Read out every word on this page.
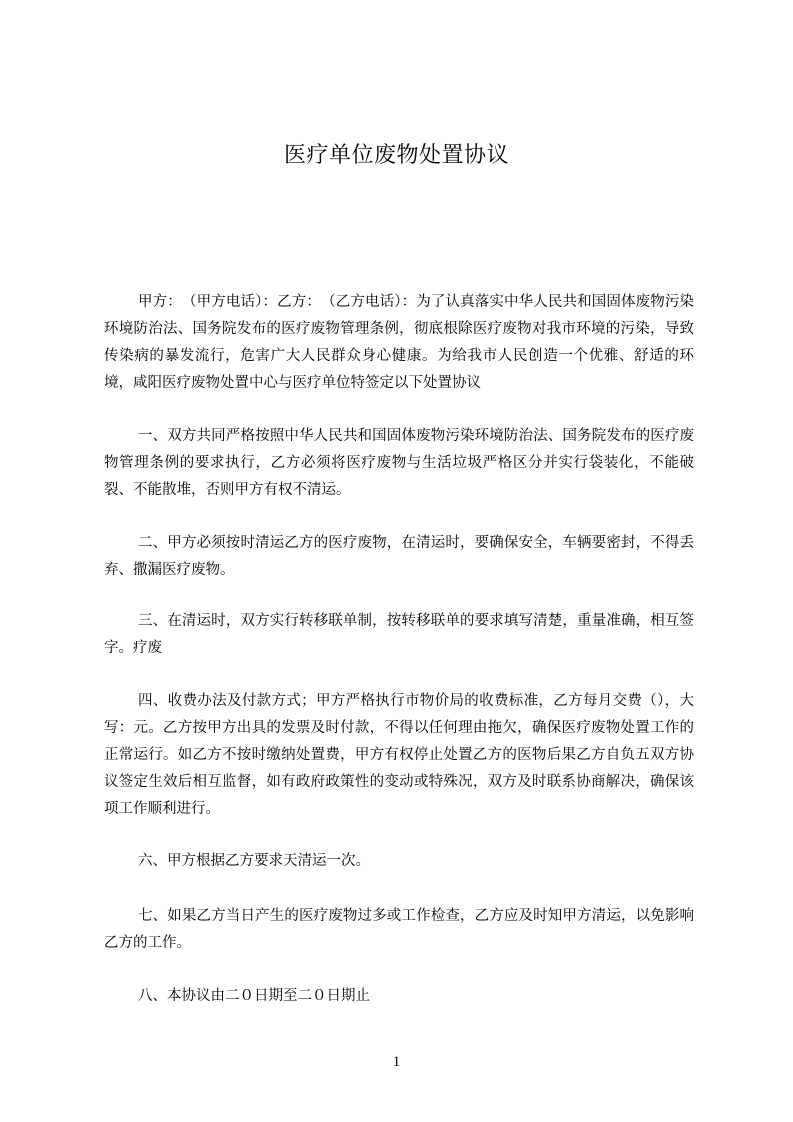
医疗单位废物处置协议

甲方：　（甲方电话）：乙方：　（乙方电话）：为了认真落实中华人民共和国固体废物污染环境防治法、国务院发布的医疗废物管理条例，彻底根除医疗废物对我市环境的污染，导致传染病的暴发流行，危害广大人民群众身心健康。为给我市人民创造一个优雅、舒适的环境，咸阳医疗废物处置中心与医疗单位特签定以下处置协议

一、双方共同严格按照中华人民共和国固体废物污染环境防治法、国务院发布的医疗废物管理条例的要求执行，乙方必须将医疗废物与生活垃圾严格区分并实行袋装化，不能破裂、不能散堆，否则甲方有权不清运。

二、甲方必须按时清运乙方的医疗废物，在清运时，要确保安全，车辆要密封，不得丢弃、撒漏医疗废物。

三、在清运时，双方实行转移联单制，按转移联单的要求填写清楚，重量准确，相互签字。疗废

四、收费办法及付款方式；甲方严格执行市物价局的收费标准，乙方每月交费（），大写：元。乙方按甲方出具的发票及时付款，不得以任何理由拖欠，确保医疗废物处置工作的正常运行。如乙方不按时缴纳处置费，甲方有权停止处置乙方的医物后果乙方自负五双方协议签定生效后相互监督，如有政府政策性的变动或特殊况，双方及时联系协商解决，确保该项工作顺利进行。

六、甲方根据乙方要求天清运一次。

七、如果乙方当日产生的医疗废物过多或工作检查，乙方应及时知甲方清运，以免影响乙方的工作。

八、本协议由二０日期至二０日期止

1
